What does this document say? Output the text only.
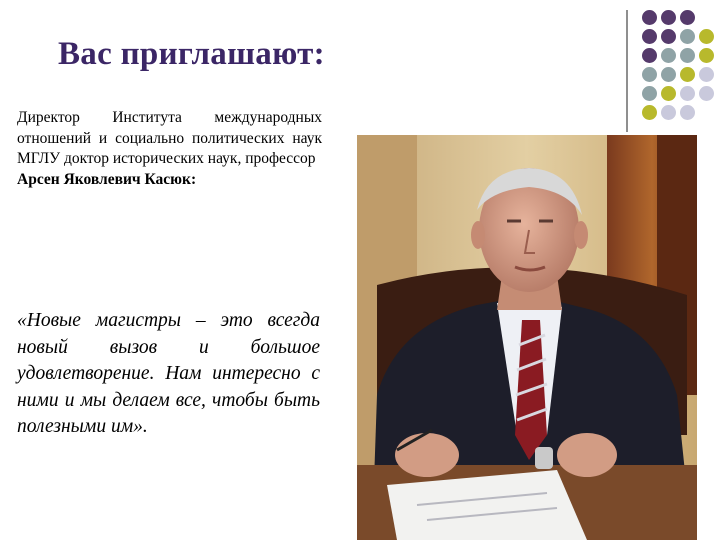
Вас приглашают:

Директор Института международных отношений и социально политических наук МГЛУ доктор исторических наук, профессор

Арсен Яковлевич Касюк:

«Новые магистры – это всегда новый вызов и большое удовлетворение. Нам интересно с ними и мы делаем все, чтобы быть полезными им».
